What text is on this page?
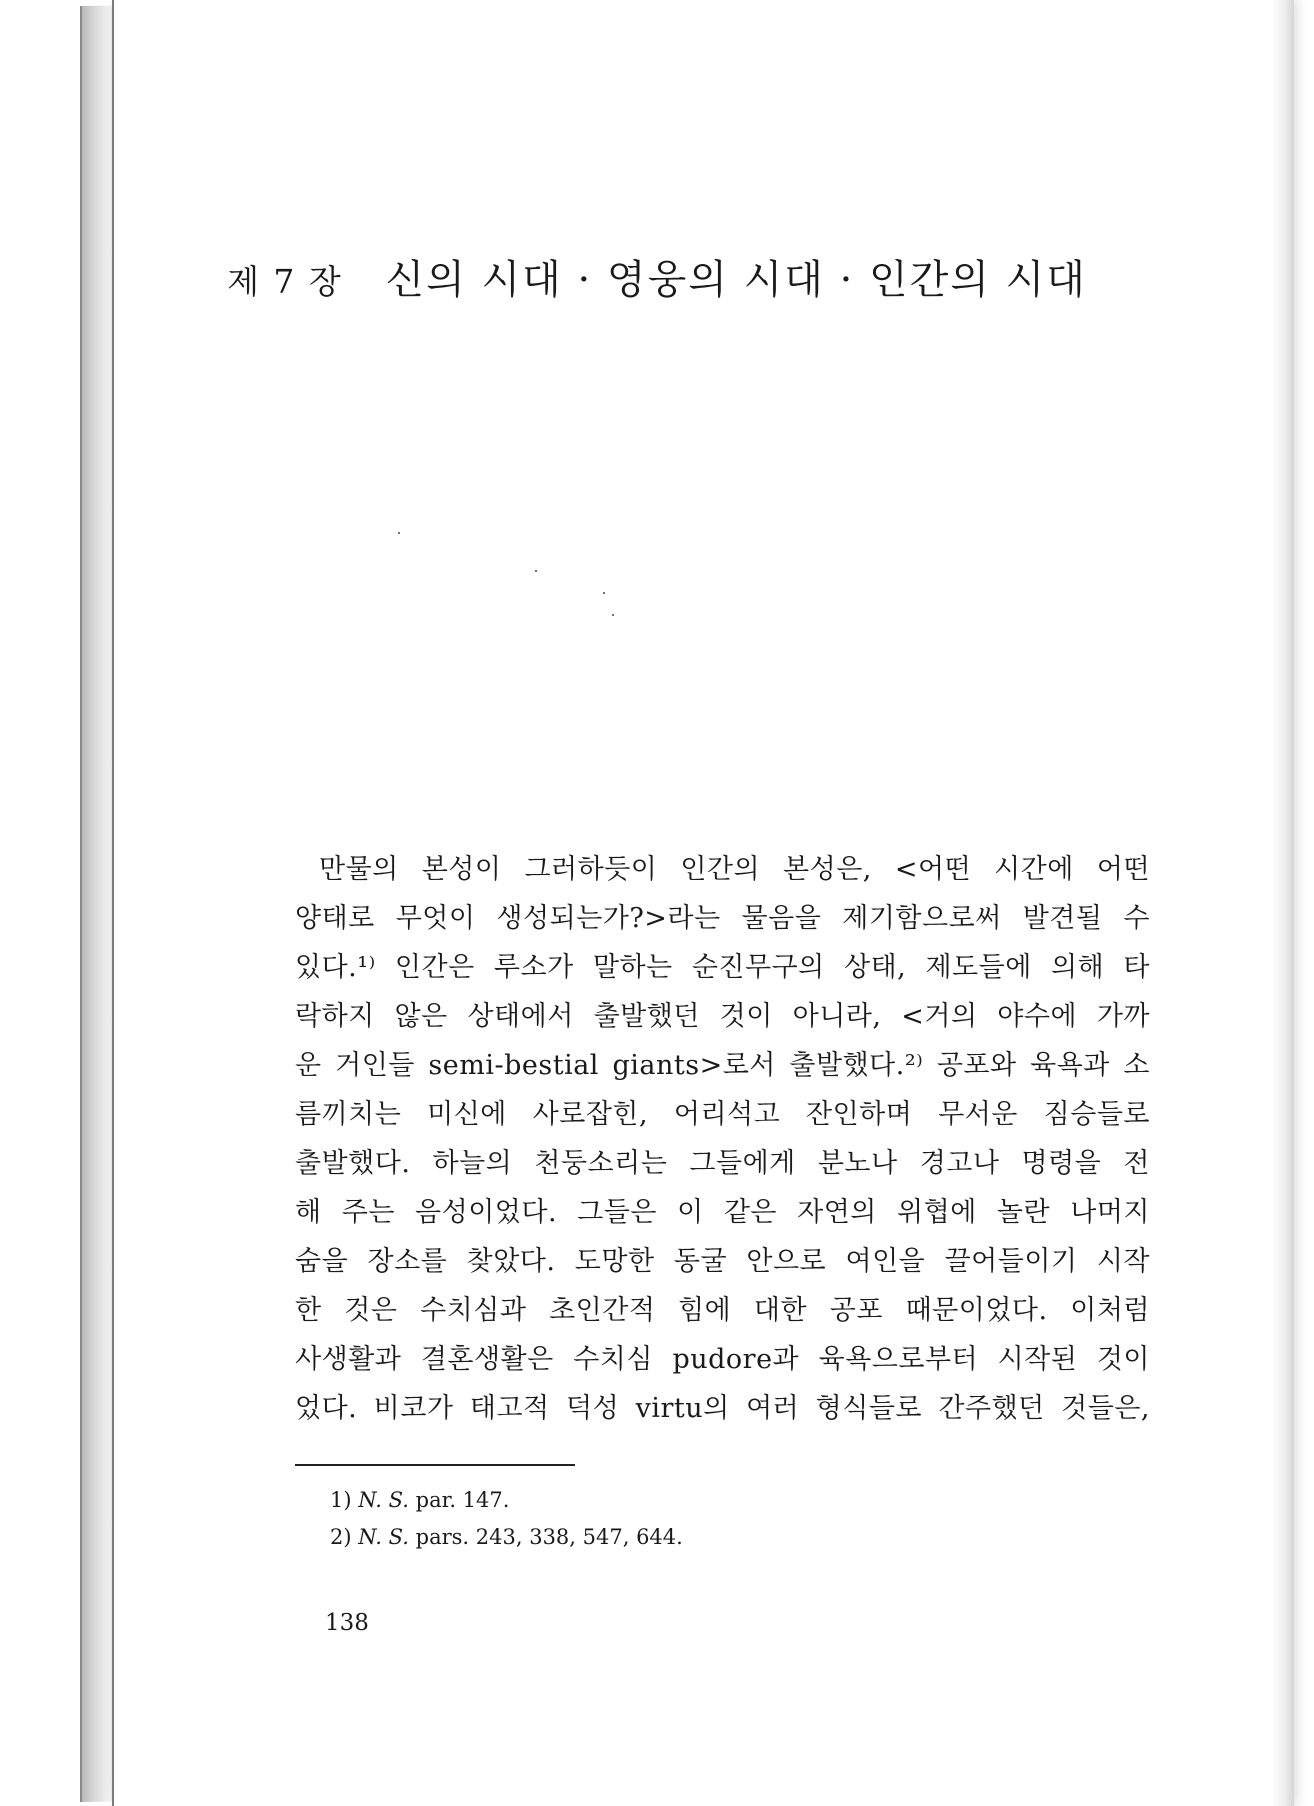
제 7 장 신의 시대 · 영웅의 시대 · 인간의 시대
만물의 본성이 그러하듯이 인간의 본성은, <어떤 시간에 어떤
양태로 무엇이 생성되는가?>라는 물음을 제기함으로써 발견될 수
있다.¹⁾ 인간은 루소가 말하는 순진무구의 상태, 제도들에 의해 타
락하지 않은 상태에서 출발했던 것이 아니라, <거의 야수에 가까
운 거인들 semi-bestial giants>로서 출발했다.²⁾ 공포와 육욕과 소
름끼치는 미신에 사로잡힌, 어리석고 잔인하며 무서운 짐승들로
출발했다. 하늘의 천둥소리는 그들에게 분노나 경고나 명령을 전
해 주는 음성이었다. 그들은 이 같은 자연의 위협에 놀란 나머지
숨을 장소를 찾았다. 도망한 동굴 안으로 여인을 끌어들이기 시작
한 것은 수치심과 초인간적 힘에 대한 공포 때문이었다. 이처럼
사생활과 결혼생활은 수치심 pudore과 육욕으로부터 시작된 것이
었다. 비코가 태고적 덕성 virtu의 여러 형식들로 간주했던 것들은,
1) N. S. par. 147.
2) N. S. pars. 243, 338, 547, 644.
138
